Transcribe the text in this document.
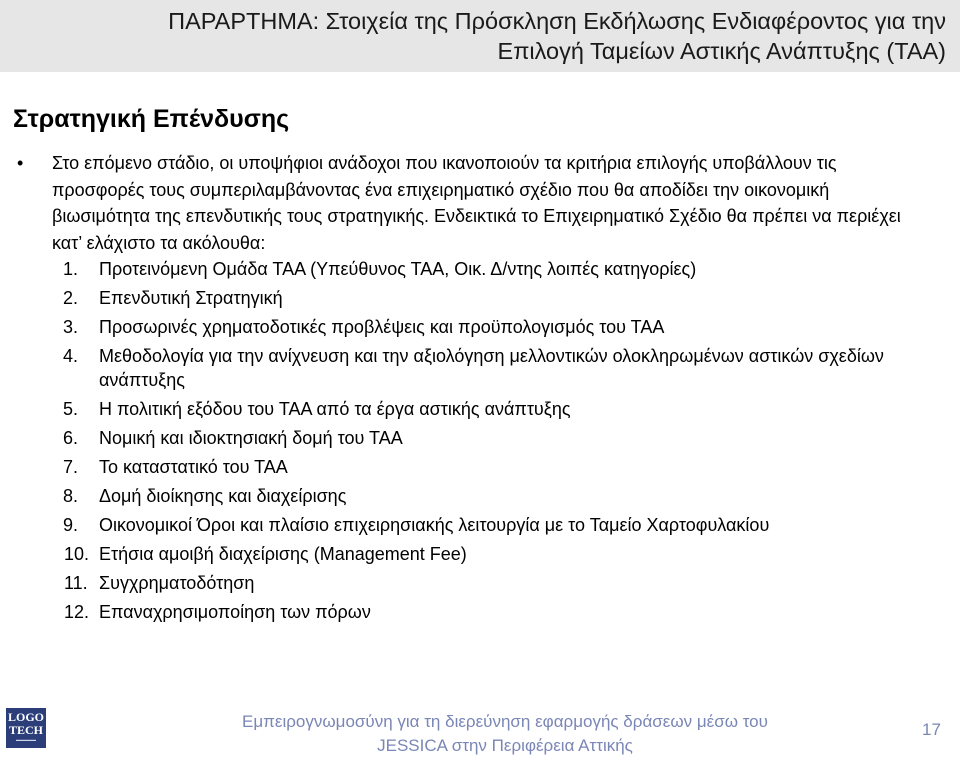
ΠΑΡΑΡΤΗΜΑ: Στοιχεία της Πρόσκληση Εκδήλωσης Ενδιαφέροντος για την
Επιλογή Ταμείων Αστικής Ανάπτυξης (ΤΑΑ)
Στρατηγική Επένδυσης
• Στο επόμενο στάδιο, οι υποψήφιοι ανάδοχοι που ικανοποιούν τα κριτήρια επιλογής υποβάλλουν τις προσφορές τους συμπεριλαμβάνοντας ένα επιχειρηματικό σχέδιο που θα αποδίδει την οικονομική βιωσιμότητα της επενδυτικής τους στρατηγικής. Ενδεικτικά το Επιχειρηματικό Σχέδιο θα πρέπει να περιέχει κατ’ ελάχιστο τα ακόλουθα:

1. Προτεινόμενη Ομάδα ΤΑΑ (Υπεύθυνος ΤΑΑ, Οικ. Δ/ντης λοιπές κατηγορίες)
2. Επενδυτική Στρατηγική
3. Προσωρινές χρηματοδοτικές προβλέψεις και προϋπολογισμός του ΤΑΑ
4. Μεθοδολογία για την ανίχνευση και την αξιολόγηση μελλοντικών ολοκληρωμένων αστικών σχεδίων ανάπτυξης
5. Η πολιτική εξόδου του ΤΑΑ από τα έργα αστικής ανάπτυξης
6. Νομική και ιδιοκτησιακή δομή του ΤΑΑ
7. Το καταστατικό του ΤΑΑ
8. Δομή διοίκησης και διαχείρισης
9. Οικονομικοί Όροι και πλαίσιο επιχειρησιακής λειτουργία με το Ταμείο Χαρτοφυλακίου
10. Ετήσια αμοιβή διαχείρισης (Management Fee)
11. Συγχρηματοδότηση
12. Επαναχρησιμοποίηση των πόρων
LOGO
TECH
▬▬▬▬▬

Εμπειρογνωμοσύνη για τη διερεύνηση εφαρμογής δράσεων μέσω του
JESSICA στην Περιφέρεια Αττικής

17
